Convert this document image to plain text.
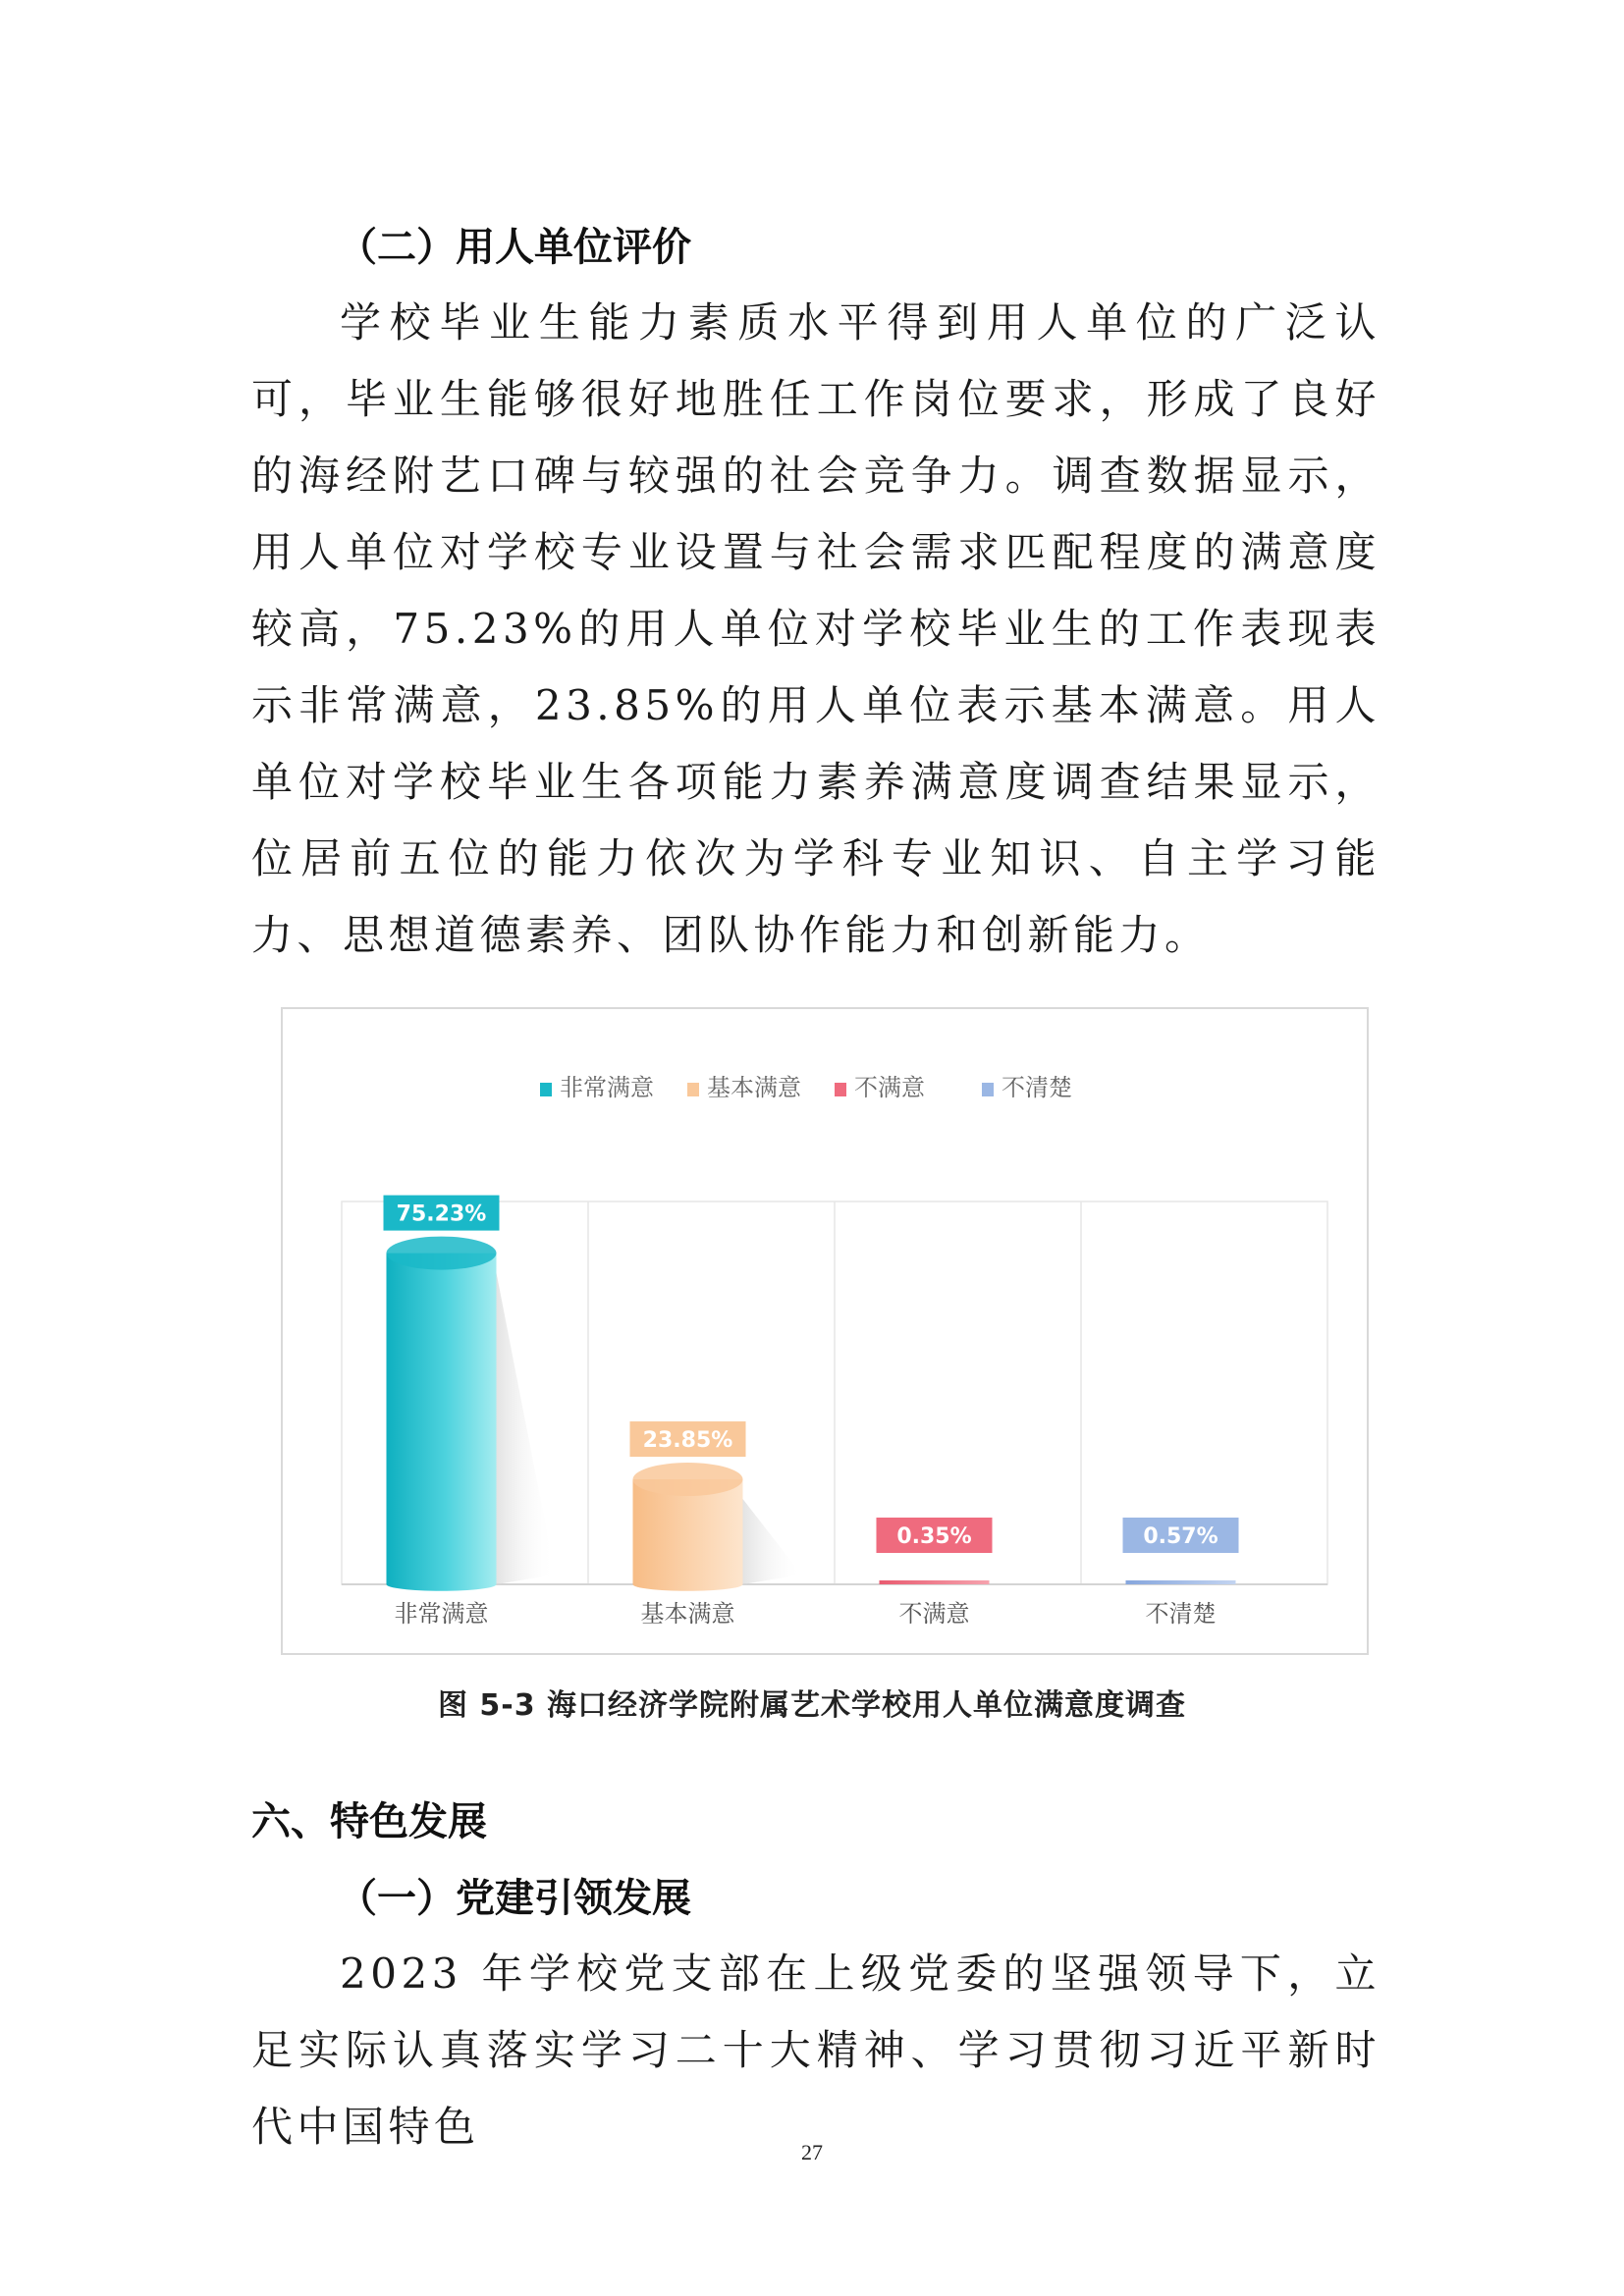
（二）用人单位评价

学校毕业生能力素质水平得到用人单位的广泛认可，毕业生能够很好地胜任工作岗位要求，形成了良好的海经附艺口碑与较强的社会竞争力。调查数据显示，用人单位对学校专业设置与社会需求匹配程度的满意度较高，75.23%的用人单位对学校毕业生的工作表现表示非常满意，23.85%的用人单位表示基本满意。用人单位对学校毕业生各项能力素养满意度调查结果显示，位居前五位的能力依次为学科专业知识、自主学习能力、思想道德素养、团队协作能力和创新能力。

非常满意 基本满意 不满意	不清楚
75.23%
23.85%
0.35%	0.57%
非常满意	基本满意	不满意	不清楚
图 5-3 海口经济学院附属艺术学校用人单位满意度调查
六、特色发展
（一）党建引领发展

2023 年学校党支部在上级党委的坚强领导下，立足实际认真落实学习二十大精神、学习贯彻习近平新时代中国特色

27
